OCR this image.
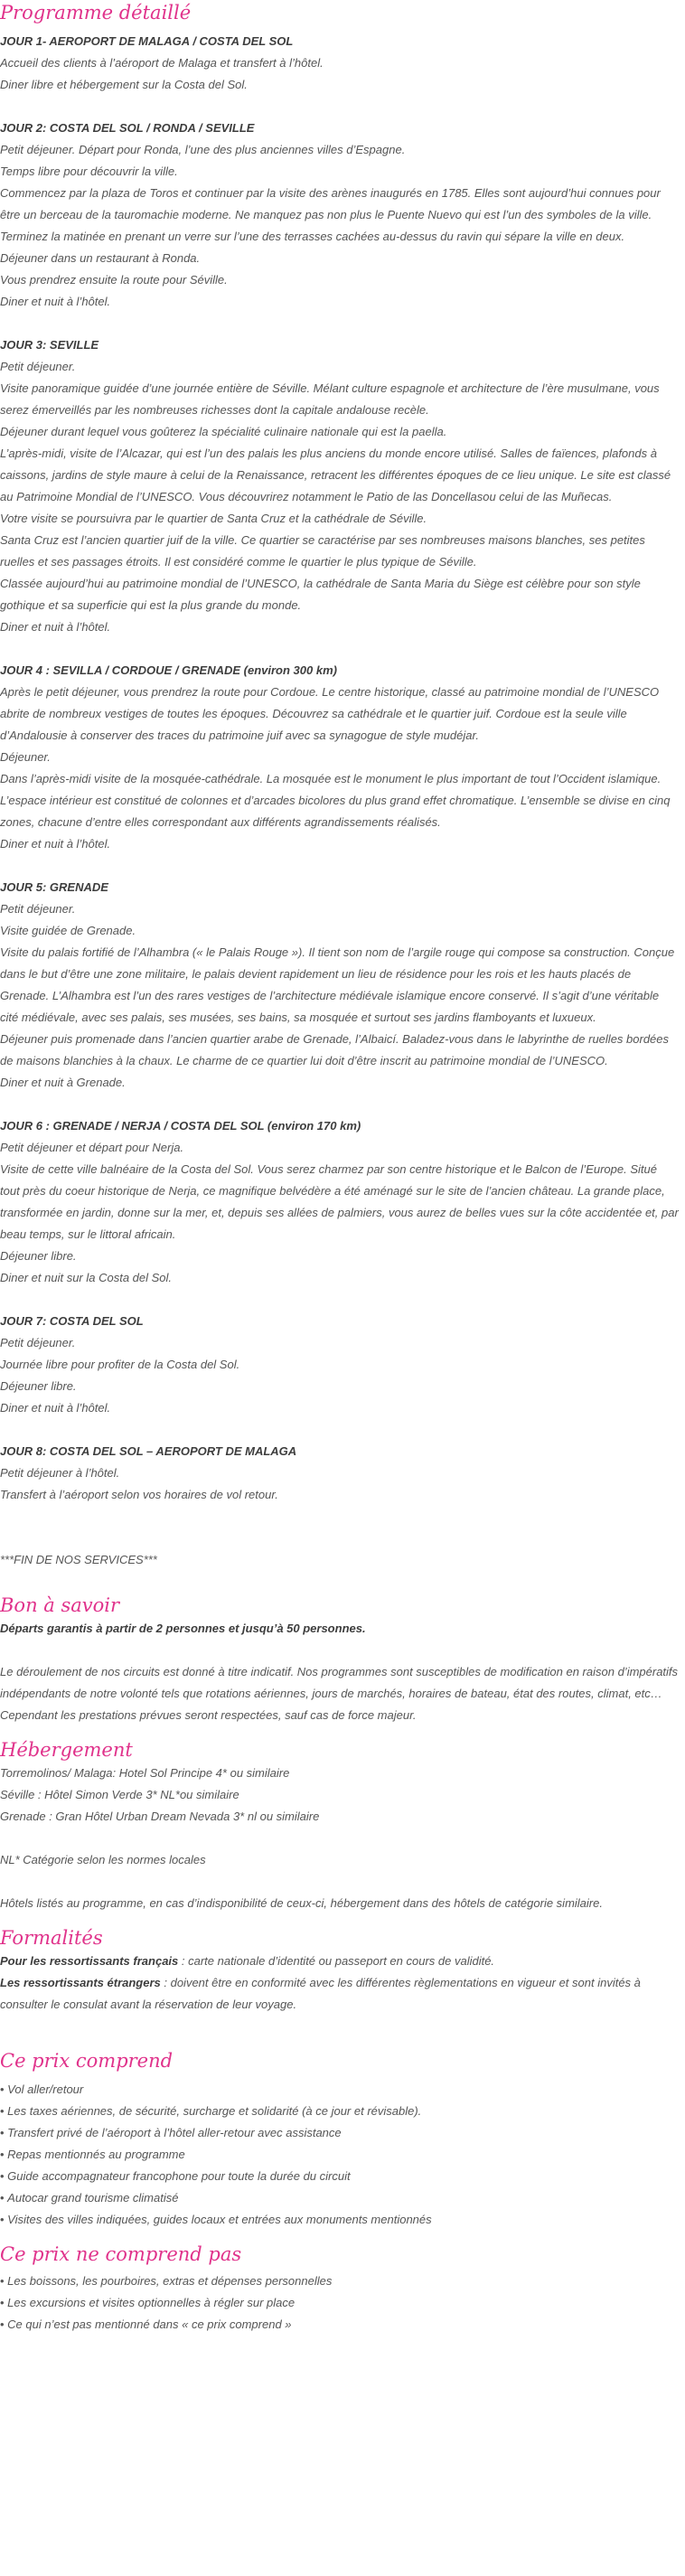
Programme détaillé

JOUR 1- AEROPORT DE MALAGA / COSTA DEL SOL

Accueil des clients à l’aéroport de Malaga et transfert à l’hôtel.

Diner libre et hébergement sur la Costa del Sol.

JOUR 2: COSTA DEL SOL / RONDA / SEVILLE

Petit déjeuner. Départ pour Ronda, l’une des plus anciennes villes d’Espagne.

Temps libre pour découvrir la ville.

Commencez par la plaza de Toros et continuer par la visite des arènes inaugurés en 1785. Elles sont aujourd’hui connues pour être un berceau de la tauromachie moderne. Ne manquez pas non plus le Puente Nuevo qui est l’un des symboles de la ville. Terminez la matinée en prenant un verre sur l’une des terrasses cachées au-dessus du ravin qui sépare la ville en deux.

Déjeuner dans un restaurant à Ronda.

Vous prendrez ensuite la route pour Séville.

Diner et nuit à l’hôtel.

JOUR 3: SEVILLE

Petit déjeuner.

Visite panoramique guidée d’une journée entière de Séville. Mélant culture espagnole et architecture de l’ère musulmane, vous serez émerveillés par les nombreuses richesses dont la capitale andalouse recèle.

Déjeuner durant lequel vous goûterez la spécialité culinaire nationale qui est la paella.

L’après-midi, visite de l’Alcazar, qui est l’un des palais les plus anciens du monde encore utilisé. Salles de faïences, plafonds à caissons, jardins de style maure à celui de la Renaissance, retracent les différentes époques de ce lieu unique. Le site est classé au Patrimoine Mondial de l’UNESCO. Vous découvrirez notamment le Patio de las Doncellasou celui de las Muñecas.

Votre visite se poursuivra par le quartier de Santa Cruz et la cathédrale de Séville.

Santa Cruz est l’ancien quartier juif de la ville. Ce quartier se caractérise par ses nombreuses maisons blanches, ses petites ruelles et ses passages étroits. Il est considéré comme le quartier le plus typique de Séville.

Classée aujourd’hui au patrimoine mondial de l’UNESCO, la cathédrale de Santa Maria du Siège est célèbre pour son style gothique et sa superficie qui est la plus grande du monde.

Diner et nuit à l’hôtel.

JOUR 4 : SEVILLA / CORDOUE / GRENADE (environ 300 km)

Après le petit déjeuner, vous prendrez la route pour Cordoue. Le centre historique, classé au patrimoine mondial de l’UNESCO abrite de nombreux vestiges de toutes les époques. Découvrez sa cathédrale et le quartier juif. Cordoue est la seule ville d’Andalousie à conserver des traces du patrimoine juif avec sa synagogue de style mudéjar.

Déjeuner.

Dans l’après-midi visite de la mosquée-cathédrale. La mosquée est le monument le plus important de tout l’Occident islamique. L’espace intérieur est constitué de colonnes et d’arcades bicolores du plus grand effet chromatique. L’ensemble se divise en cinq zones, chacune d’entre elles correspondant aux différents agrandissements réalisés.

Diner et nuit à l’hôtel.

JOUR 5: GRENADE

Petit déjeuner.

Visite guidée de Grenade.

Visite du palais fortifié de l’Alhambra (« le Palais Rouge »). Il tient son nom de l’argile rouge qui compose sa construction. Conçue dans le but d’être une zone militaire, le palais devient rapidement un lieu de résidence pour les rois et les hauts placés de Grenade. L’Alhambra est l’un des rares vestiges de l’architecture médiévale islamique encore conservé. Il s’agit d’une véritable cité médiévale, avec ses palais, ses musées, ses bains, sa mosquée et surtout ses jardins flamboyants et luxueux.

Déjeuner puis promenade dans l’ancien quartier arabe de Grenade, l’Albaicí. Baladez-vous dans le labyrinthe de ruelles bordées de maisons blanchies à la chaux. Le charme de ce quartier lui doit d’être inscrit au patrimoine mondial de l’UNESCO.

Diner et nuit à Grenade.

JOUR 6 : GRENADE / NERJA / COSTA DEL SOL (environ 170 km)

Petit déjeuner et départ pour Nerja.

Visite de cette ville balnéaire de la Costa del Sol. Vous serez charmez par son centre historique et le Balcon de l’Europe. Situé tout près du coeur historique de Nerja, ce magnifique belvédère a été aménagé sur le site de l’ancien château. La grande place, transformée en jardin, donne sur la mer, et, depuis ses allées de palmiers, vous aurez de belles vues sur la côte accidentée et, par beau temps, sur le littoral africain.

Déjeuner libre.

Diner et nuit sur la Costa del Sol.

JOUR 7: COSTA DEL SOL

Petit déjeuner.

Journée libre pour profiter de la Costa del Sol.

Déjeuner libre.

Diner et nuit à l’hôtel.

JOUR 8: COSTA DEL SOL – AEROPORT DE MALAGA

Petit déjeuner à l’hôtel.

Transfert à l’aéroport selon vos horaires de vol retour.

***FIN DE NOS SERVICES***

Bon à savoir

Départs garantis à partir de 2 personnes et jusqu’à 50 personnes.

Le déroulement de nos circuits est donné à titre indicatif. Nos programmes sont susceptibles de modification en raison d’impératifs indépendants de notre volonté tels que rotations aériennes, jours de marchés, horaires de bateau, état des routes, climat, etc… Cependant les prestations prévues seront respectées, sauf cas de force majeur.

Hébergement

Torremolinos/ Malaga: Hotel Sol Principe 4* ou similaire

Séville : Hôtel Simon Verde 3* NL*ou similaire

Grenade : Gran Hôtel Urban Dream Nevada 3* nl ou similaire

NL* Catégorie selon les normes locales

Hôtels listés au programme, en cas d’indisponibilité de ceux-ci, hébergement dans des hôtels de catégorie similaire.

Formalités

Pour les ressortissants français : carte nationale d’identité ou passeport en cours de validité.

Les ressortissants étrangers : doivent être en conformité avec les différentes règlementations en vigueur et sont invités à consulter le consulat avant la réservation de leur voyage.

Ce prix comprend
• Vol aller/retour
• Les taxes aériennes, de sécurité, surcharge et solidarité (à ce jour et révisable).
• Transfert privé de l’aéroport à l’hôtel aller-retour avec assistance
• Repas mentionnés au programme
• Guide accompagnateur francophone pour toute la durée du circuit
• Autocar grand tourisme climatisé
• Visites des villes indiquées, guides locaux et entrées aux monuments mentionnés
Ce prix ne comprend pas
• Les boissons, les pourboires, extras et dépenses personnelles
• Les excursions et visites optionnelles à régler sur place
• Ce qui n’est pas mentionné dans « ce prix comprend »
